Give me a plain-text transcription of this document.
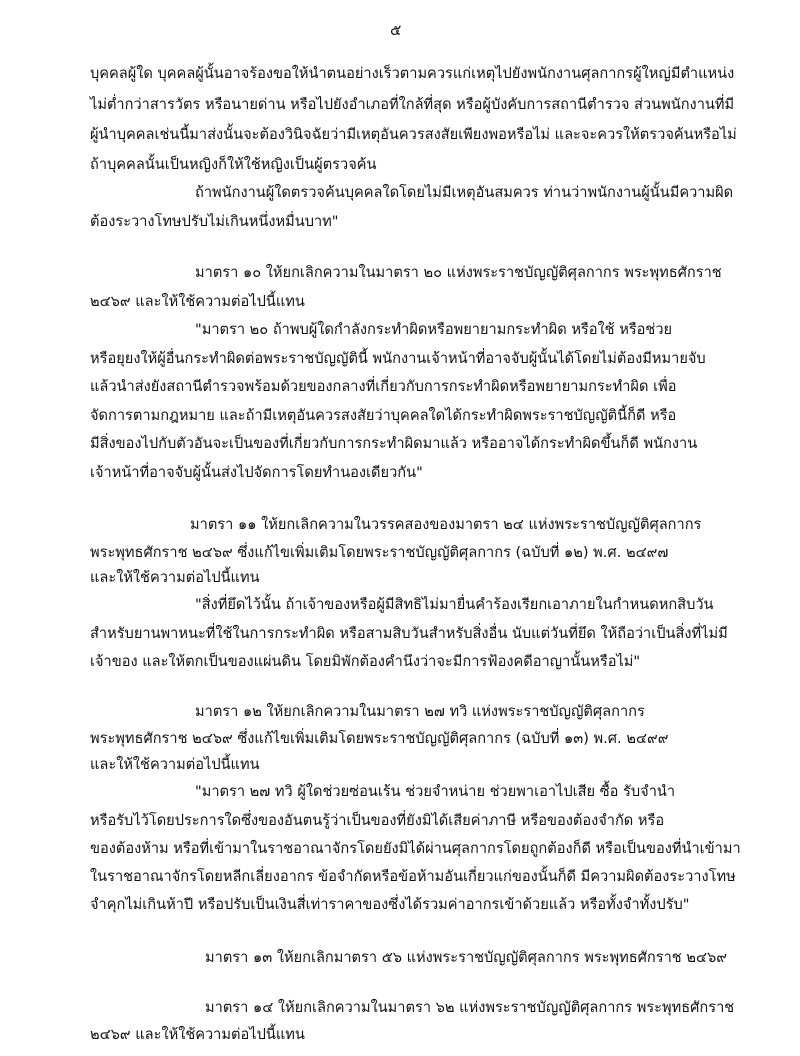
๕
บุคคลผู้ใด บุคคลผู้นั้นอาจร้องขอให้นำตนอย่างเร็วตามควรแก่เหตุไปยังพนักงานศุลกากรผู้ใหญ่มีตำแหน่ง
ไม่ต่ำกว่าสารวัตร หรือนายด่าน หรือไปยังอำเภอที่ใกล้ที่สุด หรือผู้บังคับการสถานีตำรวจ ส่วนพนักงานที่มี
ผู้นำบุคคลเช่นนี้มาส่งนั้นจะต้องวินิจฉัยว่ามีเหตุอันควรสงสัยเพียงพอหรือไม่ และจะควรให้ตรวจค้นหรือไม่
ถ้าบุคคลนั้นเป็นหญิงก็ให้ใช้หญิงเป็นผู้ตรวจค้น
ถ้าพนักงานผู้ใดตรวจค้นบุคคลใดโดยไม่มีเหตุอันสมควร ท่านว่าพนักงานผู้นั้นมีความผิด
ต้องระวางโทษปรับไม่เกินหนึ่งหมื่นบาท"
มาตรา ๑๐ ให้ยกเลิกความในมาตรา ๒๐ แห่งพระราชบัญญัติศุลกากร พระพุทธศักราช
๒๔๖๙ และให้ใช้ความต่อไปนี้แทน
"มาตรา ๒๐ ถ้าพบผู้ใดกำลังกระทำผิดหรือพยายามกระทำผิด หรือใช้ หรือช่วย
หรือยุยงให้ผู้อื่นกระทำผิดต่อพระราชบัญญัตินี้ พนักงานเจ้าหน้าที่อาจจับผู้นั้นได้โดยไม่ต้องมีหมายจับ
แล้วนำส่งยังสถานีตำรวจพร้อมด้วยของกลางที่เกี่ยวกับการกระทำผิดหรือพยายามกระทำผิด เพื่อ
จัดการตามกฎหมาย และถ้ามีเหตุอันควรสงสัยว่าบุคคลใดได้กระทำผิดพระราชบัญญัตินี้ก็ดี หรือ
มีสิ่งของไปกับตัวอันจะเป็นของที่เกี่ยวกับการกระทำผิดมาแล้ว หรืออาจได้กระทำผิดขึ้นก็ดี พนักงาน
เจ้าหน้าที่อาจจับผู้นั้นส่งไปจัดการโดยทำนองเดียวกัน"
มาตรา ๑๑ ให้ยกเลิกความในวรรคสองของมาตรา ๒๔ แห่งพระราชบัญญัติศุลกากร
พระพุทธศักราช ๒๔๖๙ ซึ่งแก้ไขเพิ่มเติมโดยพระราชบัญญัติศุลกากร (ฉบับที่ ๑๒) พ.ศ. ๒๔๙๗
และให้ใช้ความต่อไปนี้แทน
"สิ่งที่ยึดไว้นั้น ถ้าเจ้าของหรือผู้มีสิทธิไม่มายื่นคำร้องเรียกเอาภายในกำหนดหกสิบวัน
สำหรับยานพาหนะที่ใช้ในการกระทำผิด หรือสามสิบวันสำหรับสิ่งอื่น นับแต่วันที่ยึด ให้ถือว่าเป็นสิ่งที่ไม่มี
เจ้าของ และให้ตกเป็นของแผ่นดิน โดยมิพักต้องคำนึงว่าจะมีการฟ้องคดีอาญานั้นหรือไม่"
มาตรา ๑๒ ให้ยกเลิกความในมาตรา ๒๗ ทวิ แห่งพระราชบัญญัติศุลกากร
พระพุทธศักราช ๒๔๖๙ ซึ่งแก้ไขเพิ่มเติมโดยพระราชบัญญัติศุลกากร (ฉบับที่ ๑๓) พ.ศ. ๒๔๙๙
และให้ใช้ความต่อไปนี้แทน
"มาตรา ๒๗ ทวิ ผู้ใดช่วยซ่อนเร้น ช่วยจำหน่าย ช่วยพาเอาไปเสีย ซื้อ รับจำนำ
หรือรับไว้โดยประการใดซึ่งของอันตนรู้ว่าเป็นของที่ยังมิได้เสียค่าภาษี หรือของต้องจำกัด หรือ
ของต้องห้าม หรือที่เข้ามาในราชอาณาจักรโดยยังมิได้ผ่านศุลกากรโดยถูกต้องก็ดี หรือเป็นของที่นำเข้ามา
ในราชอาณาจักรโดยหลีกเลี่ยงอากร ข้อจำกัดหรือข้อห้ามอันเกี่ยวแก่ของนั้นก็ดี มีความผิดต้องระวางโทษ
จำคุกไม่เกินห้าปี หรือปรับเป็นเงินสี่เท่าราคาของซึ่งได้รวมค่าอากรเข้าด้วยแล้ว หรือทั้งจำทั้งปรับ"
มาตรา ๑๓ ให้ยกเลิกมาตรา ๕๖ แห่งพระราชบัญญัติศุลกากร พระพุทธศักราช ๒๔๖๙
มาตรา ๑๔ ให้ยกเลิกความในมาตรา ๖๒ แห่งพระราชบัญญัติศุลกากร พระพุทธศักราช
๒๔๖๙ และให้ใช้ความต่อไปนี้แทน
